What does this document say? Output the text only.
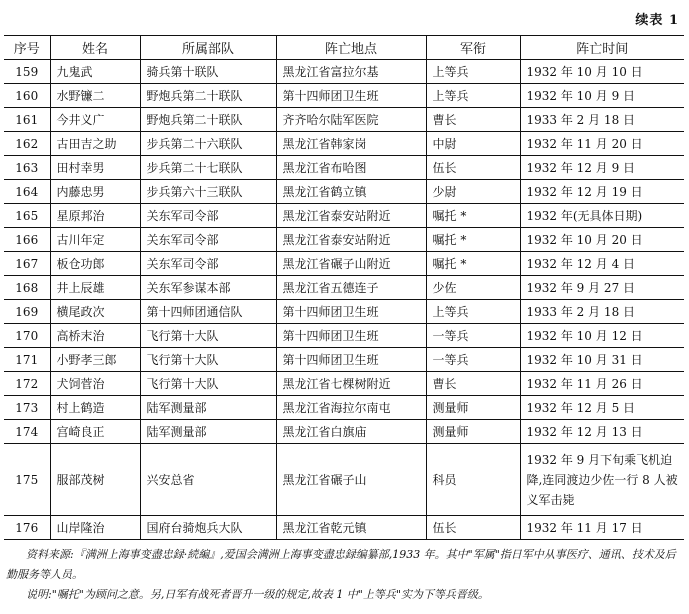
续表 1
序号	姓名	所属部队	阵亡地点	军衔	阵亡时间
159	九鬼武	骑兵第十联队	黑龙江省富拉尔基	上等兵	1932 年 10 月 10 日
160	水野镰二	野炮兵第二十联队	第十四师团卫生班	上等兵	1932 年 10 月 9 日
161	今井义广	野炮兵第二十联队	齐齐哈尔陆军医院	曹长	1933 年 2 月 18 日
162	古田吉之助	步兵第二十六联队	黑龙江省韩家岗	中尉	1932 年 11 月 20 日
163	田村幸男	步兵第二十七联队	黑龙江省布哈图	伍长	1932 年 12 月 9 日
164	内藤忠男	步兵第六十三联队	黑龙江省鹤立镇	少尉	1932 年 12 月 19 日
165	星原邦治	关东军司令部	黑龙江省泰安站附近	嘱托 *	1932 年(无具体日期)
166	古川年定	关东军司令部	黑龙江省泰安站附近	嘱托 *	1932 年 10 月 20 日
167	板仓功郎	关东军司令部	黑龙江省碾子山附近	嘱托 *	1932 年 12 月 4 日
168	井上辰雄	关东军参谋本部	黑龙江省五德连子	少佐	1932 年 9 月 27 日
169	横尾政次	第十四师团通信队	第十四师团卫生班	上等兵	1933 年 2 月 18 日
170	高桥末治	飞行第十大队	第十四师团卫生班	一等兵	1932 年 10 月 12 日
171	小野孝三郎	飞行第十大队	第十四师团卫生班	一等兵	1932 年 10 月 31 日
172	犬饲菅治	飞行第十大队	黑龙江省七棵树附近	曹长	1932 年 11 月 26 日
173	村上鹤造	陆军测量部	黑龙江省海拉尔南屯	测量师	1932 年 12 月 5 日
174	宫崎良正	陆军测量部	黑龙江省白旗庙	测量师	1932 年 12 月 13 日
175	服部茂树	兴安总省	黑龙江省碾子山	科员	1932 年 9 月下旬乘飞机迫降,连同渡边少佐一行 8 人被义军击毙
176	山岸隆治	国府台骑炮兵大队	黑龙江省乾元镇	伍长	1932 年 11 月 17 日

资料来源:『满洲上海事变盡忠録·続編』,爱国会满洲上海事变盡忠録编纂部,1933 年。其中"军属"指日军中从事医疗、通讯、技术及后勤服务等人员。

说明:"嘱托"为顾问之意。另,日军有战死者晋升一级的规定,故表 1 中"上等兵"实为下等兵晋级。
